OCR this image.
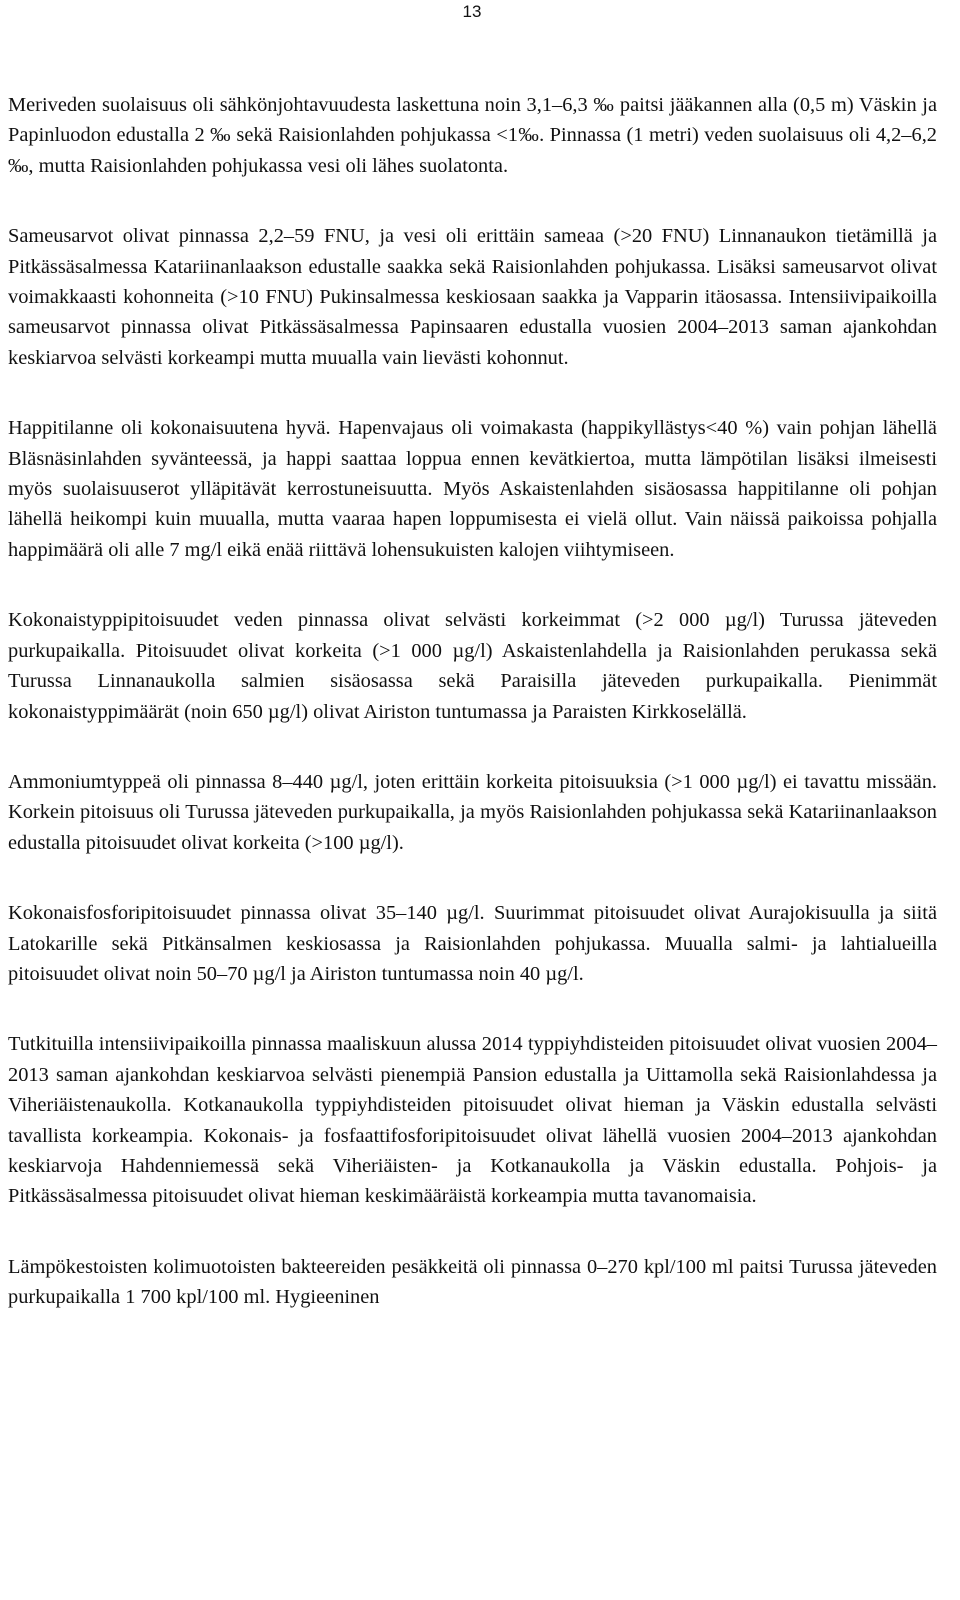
13

Meriveden suolaisuus oli sähkönjohtavuudesta laskettuna noin 3,1–6,3 ‰ paitsi jääkannen alla (0,5 m) Väskin ja Papinluodon edustalla 2 ‰ sekä Raisionlahden pohjukassa <1‰. Pinnassa (1 metri) veden suolaisuus oli 4,2–6,2 ‰, mutta Raisionlahden pohjukassa vesi oli lähes suolatonta.

Sameusarvot olivat pinnassa 2,2–59 FNU, ja vesi oli erittäin sameaa (>20 FNU) Linnanaukon tietämillä ja Pitkässäsalmessa Katariinanlaakson edustalle saakka sekä Raisionlahden pohjukassa. Lisäksi sameusarvot olivat voimakkaasti kohonneita (>10 FNU) Pukinsalmessa keskiosaan saakka ja Vapparin itäosassa. Intensiivipaikoilla sameusarvot pinnassa olivat Pitkässäsalmessa Papinsaaren edustalla vuosien 2004–2013 saman ajankohdan keskiarvoa selvästi korkeampi mutta muualla vain lievästi kohonnut.

Happitilanne oli kokonaisuutena hyvä. Hapenvajaus oli voimakasta (happikyllästys<40 %) vain pohjan lähellä Bläsnäsinlahden syvänteessä, ja happi saattaa loppua ennen kevätkiertoa, mutta lämpötilan lisäksi ilmeisesti myös suolaisuuserot ylläpitävät kerrostuneisuutta. Myös Askaistenlahden sisäosassa happitilanne oli pohjan lähellä heikompi kuin muualla, mutta vaaraa hapen loppumisesta ei vielä ollut. Vain näissä paikoissa pohjalla happimäärä oli alle 7 mg/l eikä enää riittävä lohensukuisten kalojen viihtymiseen.

Kokonaistyppipitoisuudet veden pinnassa olivat selvästi korkeimmat (>2 000 µg/l) Turussa jäteveden purkupaikalla. Pitoisuudet olivat korkeita (>1 000 µg/l) Askaistenlahdella ja Raisionlahden perukassa sekä Turussa Linnanaukolla salmien sisäosassa sekä Paraisilla jäteveden purkupaikalla. Pienimmät kokonaistyppimäärät (noin 650 µg/l) olivat Airiston tuntumassa ja Paraisten Kirkkoselällä.

Ammoniumtyppeä oli pinnassa 8–440 µg/l, joten erittäin korkeita pitoisuuksia (>1 000 µg/l) ei tavattu missään. Korkein pitoisuus oli Turussa jäteveden purkupaikalla, ja myös Raisionlahden pohjukassa sekä Katariinanlaakson edustalla pitoisuudet olivat korkeita (>100 µg/l).

Kokonaisfosforipitoisuudet pinnassa olivat 35–140 µg/l. Suurimmat pitoisuudet olivat Aurajokisuulla ja siitä Latokarille sekä Pitkänsalmen keskiosassa ja Raisionlahden pohjukassa. Muualla salmi- ja lahtialueilla pitoisuudet olivat noin 50–70 µg/l ja Airiston tuntumassa noin 40 µg/l.

Tutkituilla intensiivipaikoilla pinnassa maaliskuun alussa 2014 typpiyhdisteiden pitoisuudet olivat vuosien 2004–2013 saman ajankohdan keskiarvoa selvästi pienempiä Pansion edustalla ja Uittamolla sekä Raisionlahdessa ja Viheriäistenaukolla. Kotkanaukolla typpiyhdisteiden pitoisuudet olivat hieman ja Väskin edustalla selvästi tavallista korkeampia. Kokonais- ja fosfaattifosforipitoisuudet olivat lähellä vuosien 2004–2013 ajankohdan keskiarvoja Hahdenniemessä sekä Viheriäisten- ja Kotkanaukolla ja Väskin edustalla. Pohjois- ja Pitkässäsalmessa pitoisuudet olivat hieman keskimääräistä korkeampia mutta tavanomaisia.

Lämpökestoisten kolimuotoisten bakteereiden pesäkkeitä oli pinnassa 0–270 kpl/100 ml paitsi Turussa jäteveden purkupaikalla 1 700 kpl/100 ml. Hygieeninen
